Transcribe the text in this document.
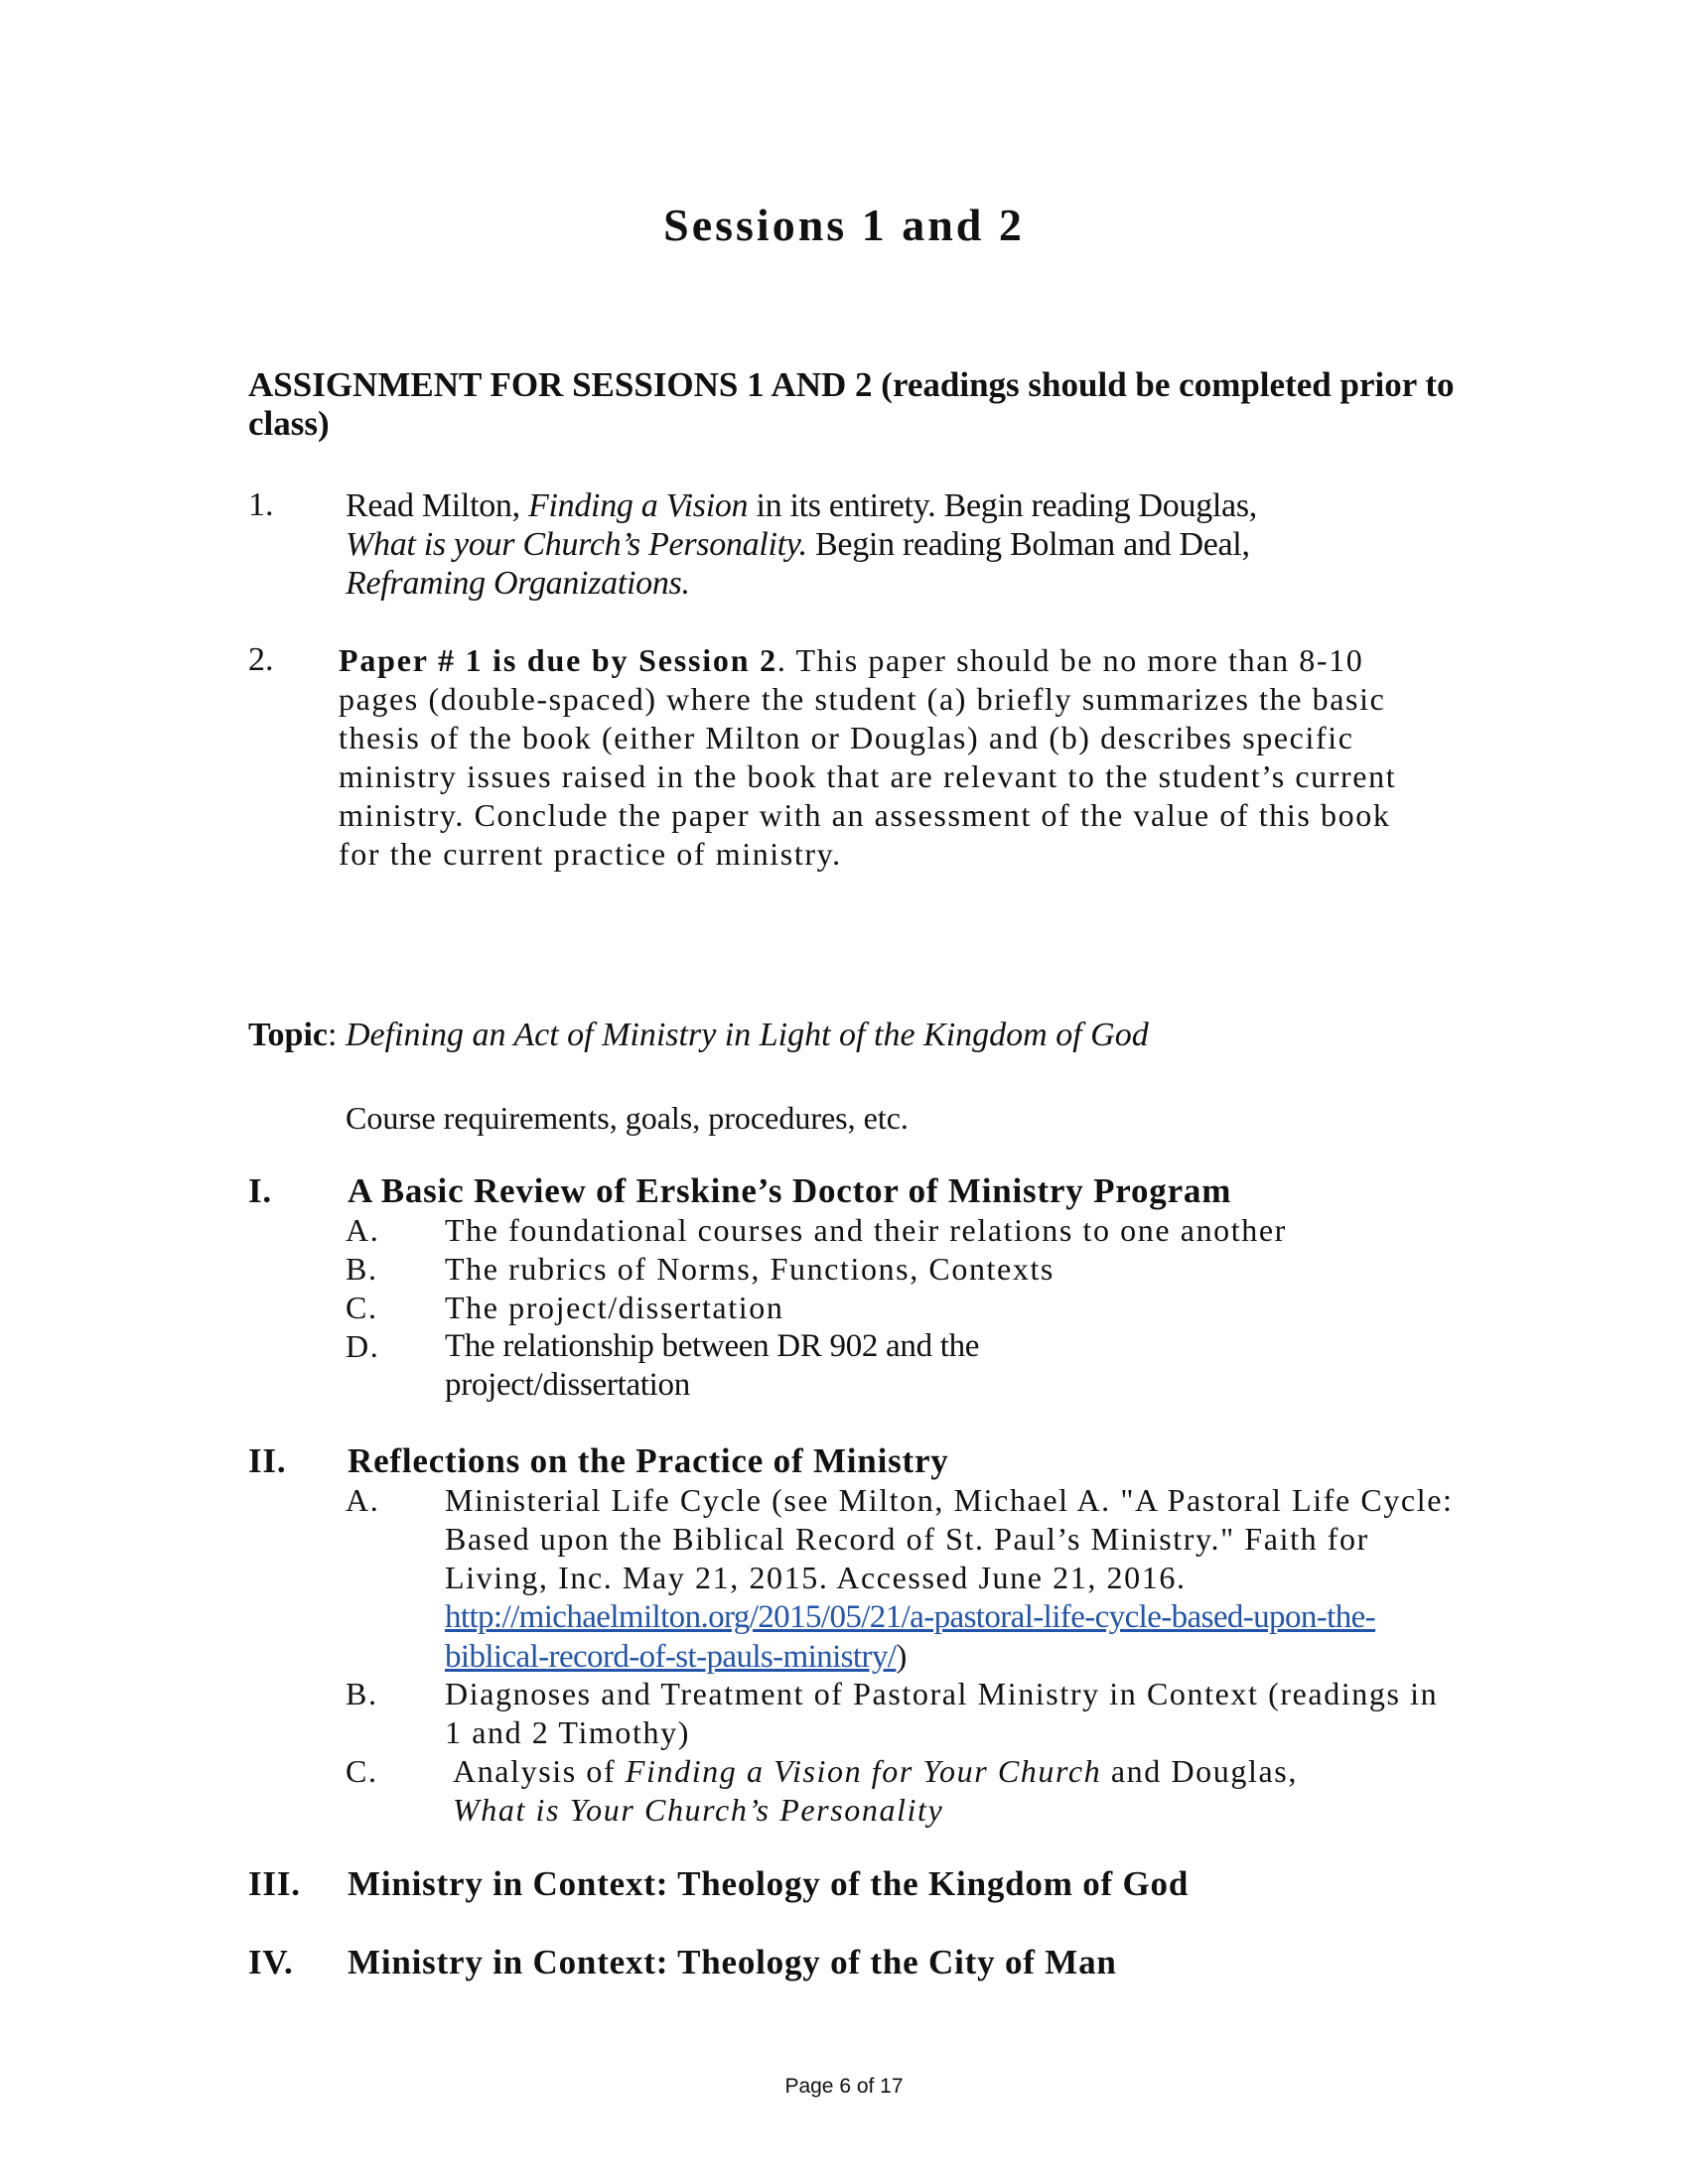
Sessions 1 and 2
ASSIGNMENT FOR SESSIONS 1 AND 2 (readings should be completed prior to class)
1. Read Milton, Finding a Vision in its entirety. Begin reading Douglas,
What is your Church’s Personality. Begin reading Bolman and Deal,
Reframing Organizations.
2. Paper # 1 is due by Session 2. This paper should be no more than 8-10 pages (double-spaced) where the student (a) briefly summarizes the basic thesis of the book (either Milton or Douglas) and (b) describes specific ministry issues raised in the book that are relevant to the student’s current ministry. Conclude the paper with an assessment of the value of this book for the current practice of ministry.
Topic: Defining an Act of Ministry in Light of the Kingdom of God
Course requirements, goals, procedures, etc.
I. A Basic Review of Erskine’s Doctor of Ministry Program
A. The foundational courses and their relations to one another
B. The rubrics of Norms, Functions, Contexts
C. The project/dissertation
D. The relationship between DR 902 and the project/dissertation
II. Reflections on the Practice of Ministry
A. Ministerial Life Cycle (see Milton, Michael A. "A Pastoral Life Cycle: Based upon the Biblical Record of St. Paul’s Ministry." Faith for Living, Inc. May 21, 2015. Accessed June 21, 2016. http://michaelmilton.org/2015/05/21/a-pastoral-life-cycle-based-upon-the-biblical-record-of-st-pauls-ministry/)
B. Diagnoses and Treatment of Pastoral Ministry in Context (readings in 1 and 2 Timothy)
C. Analysis of Finding a Vision for Your Church and Douglas,
What is Your Church’s Personality
III. Ministry in Context: Theology of the Kingdom of God
IV. Ministry in Context: Theology of the City of Man
Page 6 of 17
